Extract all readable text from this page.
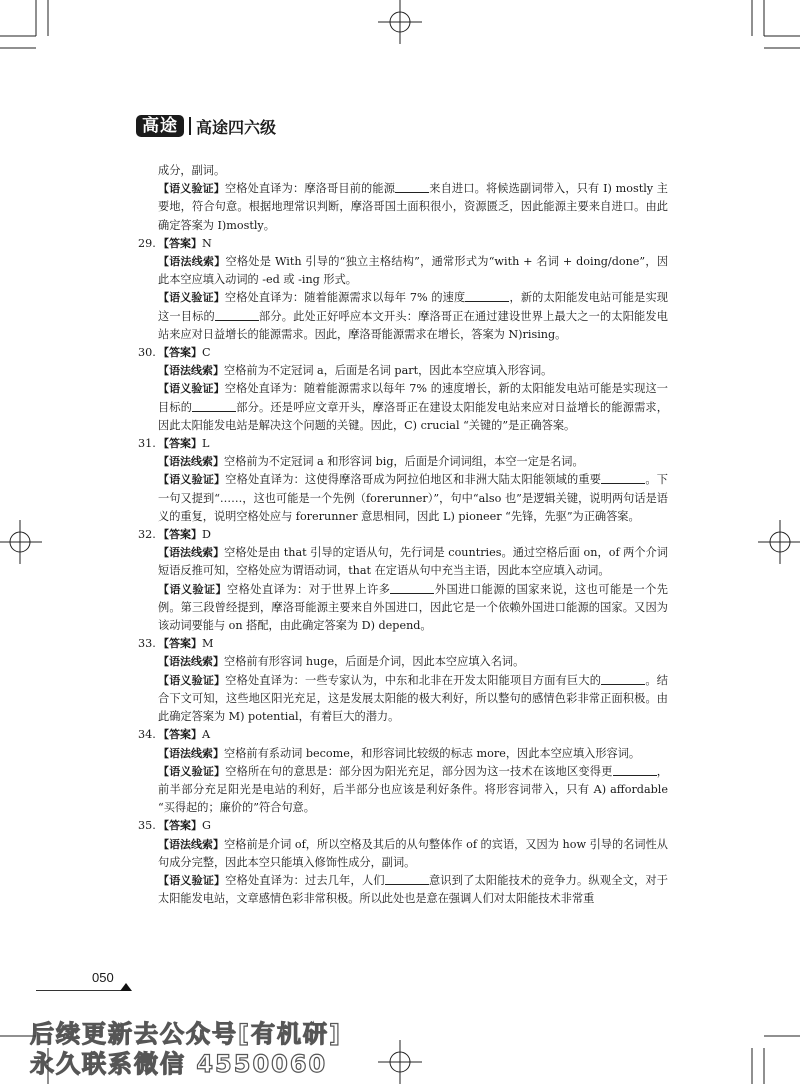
高途	高途四六级

成分，副词。

【语义验证】空格处直译为：摩洛哥目前的能源	来自进口。将候选副词带入，只有 I) mostly 主要地，符合句意。根据地理常识判断，摩洛哥国土面积很小，资源匮乏，因此能源主要来自进口。由此确定答案为 I)mostly。

29. 【答案】N

【语法线索】空格处是 With 引导的“独立主格结构”，通常形式为“with + 名词 + doing/done”，因此本空应填入动词的 -ed 或 -ing 形式。

【语义验证】空格处直译为：随着能源需求以每年 7% 的速度	，新的太阳能发电站可能是实现这一目标的	部分。此处正好呼应本文开头：摩洛哥正在通过建设世界上最大之一的太阳能发电站来应对日益增长的能源需求。因此，摩洛哥能源需求在增长，答案为 N)rising。

30. 【答案】C

【语法线索】空格前为不定冠词 a，后面是名词 part，因此本空应填入形容词。

【语义验证】空格处直译为：随着能源需求以每年 7% 的速度增长，新的太阳能发电站可能是实现这一目标的	部分。还是呼应文章开头，摩洛哥正在建设太阳能发电站来应对日益增长的能源需求，因此太阳能发电站是解决这个问题的关键。因此，C) crucial “关键的”是正确答案。

31. 【答案】L

【语法线索】空格前为不定冠词 a 和形容词 big，后面是介词词组，本空一定是名词。

【语义验证】空格处直译为：这使得摩洛哥成为阿拉伯地区和非洲大陆太阳能领域的重要	。下一句又提到“……，这也可能是一个先例（forerunner）”，句中“also 也”是逻辑关键，说明两句话是语义的重复，说明空格处应与 forerunner 意思相同，因此 L) pioneer “先锋，先驱”为正确答案。

32. 【答案】D

【语法线索】空格处是由 that 引导的定语从句，先行词是 countries。通过空格后面 on，of 两个介词短语反推可知，空格处应为谓语动词，that 在定语从句中充当主语，因此本空应填入动词。

【语义验证】空格处直译为：对于世界上许多	外国进口能源的国家来说，这也可能是一个先例。第三段曾经提到，摩洛哥能源主要来自外国进口，因此它是一个依赖外国进口能源的国家。又因为该动词要能与 on 搭配，由此确定答案为 D) depend。

33. 【答案】M

【语法线索】空格前有形容词 huge，后面是介词，因此本空应填入名词。

【语义验证】空格处直译为：一些专家认为，中东和北非在开发太阳能项目方面有巨大的	。结合下文可知，这些地区阳光充足，这是发展太阳能的极大利好，所以整句的感情色彩非常正面积极。由此确定答案为 M) potential，有着巨大的潜力。

34. 【答案】A

【语法线索】空格前有系动词 become，和形容词比较级的标志 more，因此本空应填入形容词。

【语义验证】空格所在句的意思是：部分因为阳光充足，部分因为这一技术在该地区变得更	，前半部分充足阳光是电站的利好，后半部分也应该是利好条件。将形容词带入，只有 A) affordable “买得起的；廉价的”符合句意。

35. 【答案】G

【语法线索】空格前是介词 of，所以空格及其后的从句整体作 of 的宾语，又因为 how 引导的名词性从句成分完整，因此本空只能填入修饰性成分，副词。

【语义验证】空格处直译为：过去几年，人们	意识到了太阳能技术的竞争力。纵观全文，对于太阳能发电站，文章感情色彩非常积极。所以此处也是意在强调人们对太阳能技术非常重

050
后续更新去公众号[有机研]
永久联系微信 4550060
